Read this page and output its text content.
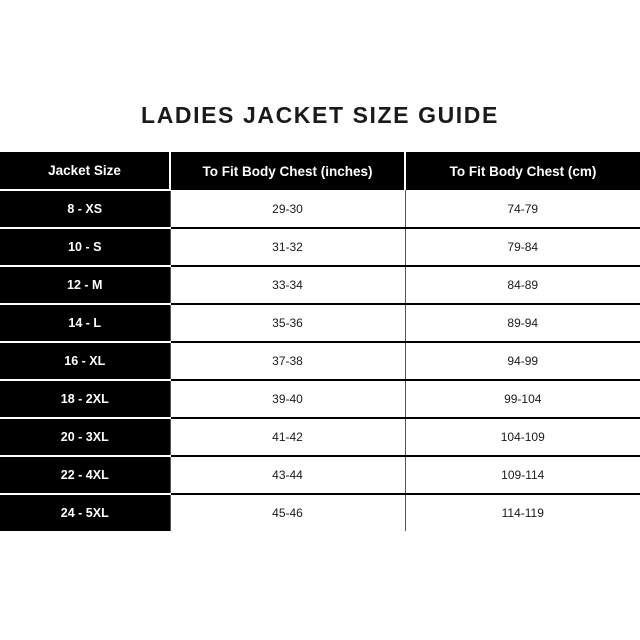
LADIES JACKET SIZE GUIDE
Jacket Size	To Fit Body Chest (inches)	To Fit Body Chest (cm)
8 - XS	29-30	74-79
10 - S	31-32	79-84
12 - M	33-34	84-89
14 - L	35-36	89-94
16 - XL	37-38	94-99
18 - 2XL	39-40	99-104
20 - 3XL	41-42	104-109
22 - 4XL	43-44	109-114
24 - 5XL	45-46	114-119
